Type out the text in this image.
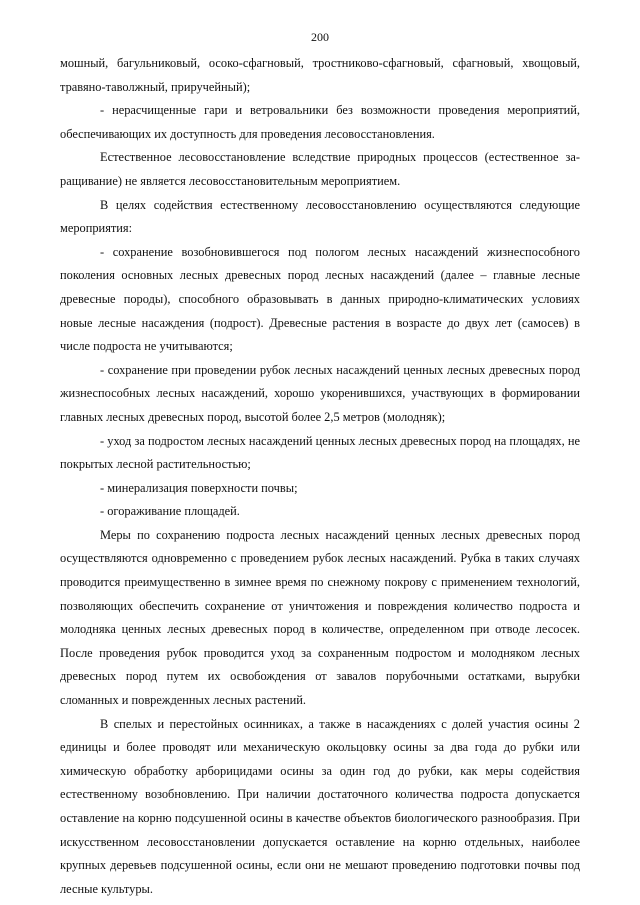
200

мошный, багульниковый, осоко-сфагновый, тростниково-сфагновый, сфагновый, хвощовый, травяно-таволжный, приручейный);

- нерасчищенные гари и ветровальники без возможности проведения мероприятий, обеспечивающих их доступность для проведения лесовосстановления.

Естественное лесовосстановление вследствие природных процессов (естественное заращивание) не является лесовосстановительным мероприятием.

В целях содействия естественному лесовосстановлению осуществляются следующие мероприятия:

- сохранение возобновившегося под пологом лесных насаждений жизнеспособного поколения основных лесных древесных пород лесных насаждений (далее – главные лесные древесные породы), способного образовывать в данных природно-климатических условиях новые лесные насаждения (подрост). Древесные растения в возрасте до двух лет (самосев) в числе подроста не учитываются;

- сохранение при проведении рубок лесных насаждений ценных лесных древесных пород жизнеспособных лесных насаждений, хорошо укоренившихся, участвующих в формировании главных лесных древесных пород, высотой более 2,5 метров (молодняк);

- уход за подростом лесных насаждений ценных лесных древесных пород на площадях, не покрытых лесной растительностью;

- минерализация поверхности почвы;

- огораживание площадей.

Меры по сохранению подроста лесных насаждений ценных лесных древесных пород осуществляются одновременно с проведением рубок лесных насаждений. Рубка в таких случаях проводится преимущественно в зимнее время по снежному покрову с применением технологий, позволяющих обеспечить сохранение от уничтожения и повреждения количество подроста и молодняка ценных лесных древесных пород в количестве, определенном при отводе лесосек. После проведения рубок проводится уход за сохраненным подростом и молодняком лесных древесных пород путем их освобождения от завалов порубочными остатками, вырубки сломанных и поврежденных лесных растений.

В спелых и перестойных осинниках, а также в насаждениях с долей участия осины 2 единицы и более проводят или механическую окольцовку осины за два года до рубки или химическую обработку арборицидами осины за один год до рубки, как меры содействия естественному возобновлению. При наличии достаточного количества подроста допускается оставление на корню подсушенной осины в качестве объектов биологического разнообразия. При искусственном лесовосстановлении допускается оставление на корню отдельных, наиболее крупных деревьев подсушенной осины, если они не мешают проведению подготовки почвы под лесные культуры.
